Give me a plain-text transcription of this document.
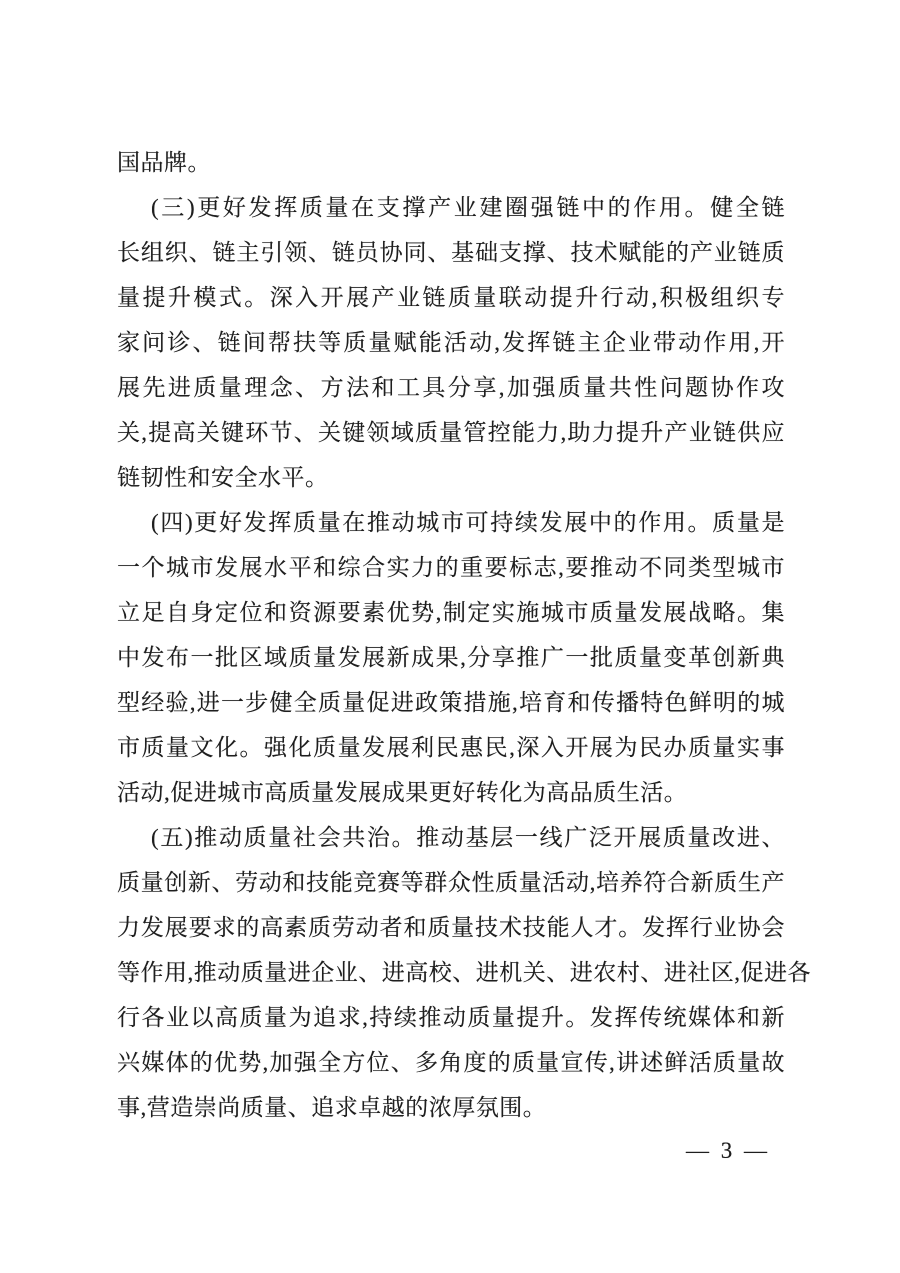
国品牌。
(三)更好发挥质量在支撑产业建圈强链中的作用。健全链
长组织、链主引领、链员协同、基础支撑、技术赋能的产业链质
量提升模式。深入开展产业链质量联动提升行动,积极组织专
家问诊、链间帮扶等质量赋能活动,发挥链主企业带动作用,开
展先进质量理念、方法和工具分享,加强质量共性问题协作攻
关,提高关键环节、关键领域质量管控能力,助力提升产业链供应
链韧性和安全水平。
(四)更好发挥质量在推动城市可持续发展中的作用。质量是
一个城市发展水平和综合实力的重要标志,要推动不同类型城市
立足自身定位和资源要素优势,制定实施城市质量发展战略。集
中发布一批区域质量发展新成果,分享推广一批质量变革创新典
型经验,进一步健全质量促进政策措施,培育和传播特色鲜明的城
市质量文化。强化质量发展利民惠民,深入开展为民办质量实事
活动,促进城市高质量发展成果更好转化为高品质生活。
(五)推动质量社会共治。推动基层一线广泛开展质量改进、
质量创新、劳动和技能竞赛等群众性质量活动,培养符合新质生产
力发展要求的高素质劳动者和质量技术技能人才。发挥行业协会
等作用,推动质量进企业、进高校、进机关、进农村、进社区,促进各
行各业以高质量为追求,持续推动质量提升。发挥传统媒体和新
兴媒体的优势,加强全方位、多角度的质量宣传,讲述鲜活质量故
事,营造崇尚质量、追求卓越的浓厚氛围。
— 3 —
